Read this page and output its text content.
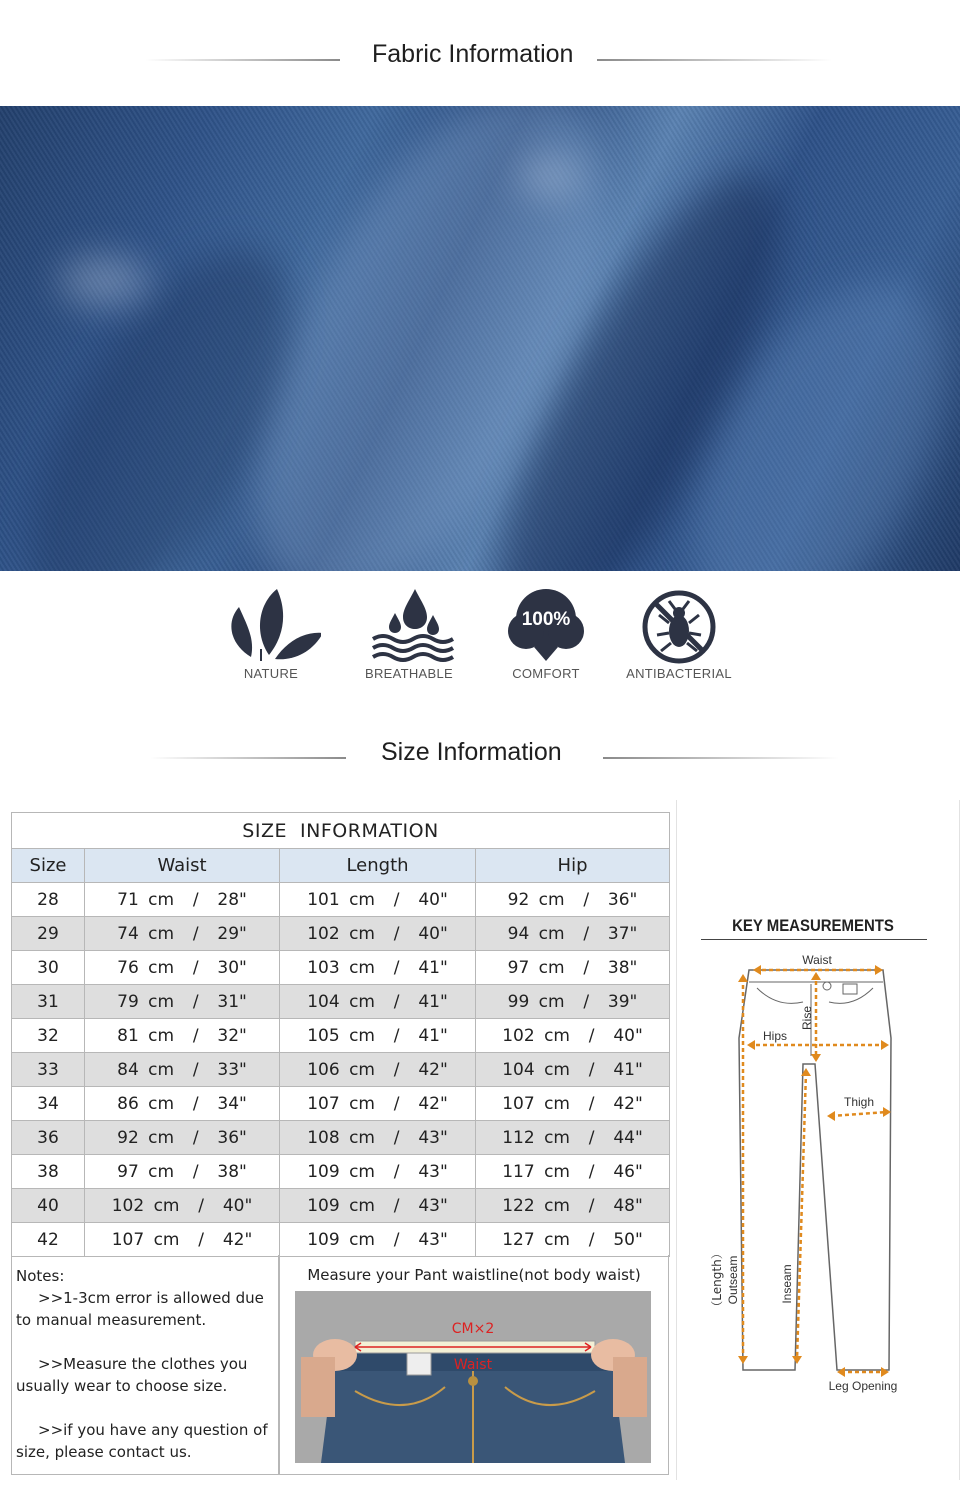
Fabric Information
NATURE	BREATHABLE
100%
COMFORT	ANTIBACTERIAL
Size Information
SIZE  INFORMATION			
Size	Waist	Length	Hip
28	71 cm  /  28"	101 cm  /  40"	92 cm  /  36"
29	74 cm  /  29"	102 cm  /  40"	94 cm  /  37"
30	76 cm  /  30"	103 cm  /  41"	97 cm  /  38"
31	79 cm  /  31"	104 cm  /  41"	99 cm  /  39"
32	81 cm  /  32"	105 cm  /  41"	102 cm  /  40"
33	84 cm  /  33"	106 cm  /  42"	104 cm  /  41"
34	86 cm  /  34"	107 cm  /  42"	107 cm  /  42"
36	92 cm  /  36"	108 cm  /  43"	112 cm  /  44"
38	97 cm  /  38"	109 cm  /  43"	117 cm  /  46"
40	102 cm  /  40"	109 cm  /  43"	122 cm  /  48"
42	107 cm  /  42"	109 cm  /  43"	127 cm  /  50"

Notes:

>>1-3cm error is allowed due

to manual measurement.

>>Measure the clothes you

usually wear to choose size.

>>if you have any question of

size, please contact us.

Measure your Pant waistline(not body waist)
CM×2
Waist
KEY MEASUREMENTS
Waist
Rise
Hips
Thigh
（Length） Outseam	Inseam
Leg Opening
